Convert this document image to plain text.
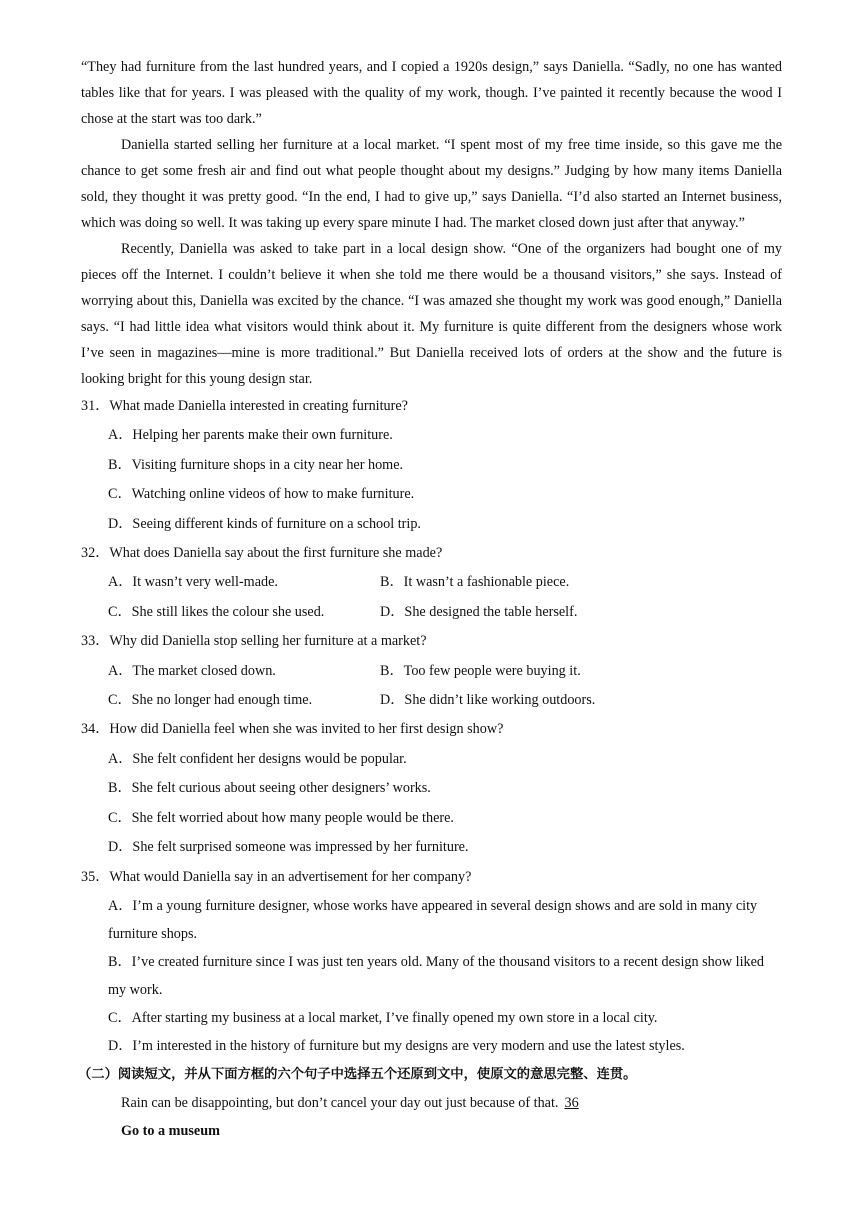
“They had furniture from the last hundred years, and I copied a 1920s design,” says Daniella. “Sadly, no one has wanted tables like that for years. I was pleased with the quality of my work, though. I’ve painted it recently because the wood I chose at the start was too dark.”

Daniella started selling her furniture at a local market. “I spent most of my free time inside, so this gave me the chance to get some fresh air and find out what people thought about my designs.” Judging by how many items Daniella sold, they thought it was pretty good. “In the end, I had to give up,” says Daniella. “I’d also started an Internet business, which was doing so well. It was taking up every spare minute I had. The market closed down just after that anyway.”

Recently, Daniella was asked to take part in a local design show. “One of the organizers had bought one of my pieces off the Internet. I couldn’t believe it when she told me there would be a thousand visitors,” she says. Instead of worrying about this, Daniella was excited by the chance. “I was amazed she thought my work was good enough,” Daniella says. “I had little idea what visitors would think about it. My furniture is quite different from the designers whose work I’ve seen in magazines—mine is more traditional.” But Daniella received lots of orders at the show and the future is looking bright for this young design star.

31．What made Daniella interested in creating furniture?

A．Helping her parents make their own furniture.

B．Visiting furniture shops in a city near her home.

C．Watching online videos of how to make furniture.

D．Seeing different kinds of furniture on a school trip.

32．What does Daniella say about the first furniture she made?

A．It wasn’t very well-made.	B．It wasn’t a fashionable piece.
C．She still likes the colour she used.	D．She designed the table herself.

33．Why did Daniella stop selling her furniture at a market?

A．The market closed down.	B．Too few people were buying it.
C．She no longer had enough time.	D．She didn’t like working outdoors.

34．How did Daniella feel when she was invited to her first design show?

A．She felt confident her designs would be popular.

B．She felt curious about seeing other designers’ works.

C．She felt worried about how many people would be there.

D．She felt surprised someone was impressed by her furniture.

35．What would Daniella say in an advertisement for her company?

A．I’m a young furniture designer, whose works have appeared in several design shows and are sold in many city furniture shops.

B．I’ve created furniture since I was just ten years old. Many of the thousand visitors to a recent design show liked my work.

C．After starting my business at a local market, I’ve finally opened my own store in a local city.

D．I’m interested in the history of furniture but my designs are very modern and use the latest styles.

（二）阅读短文，并从下面方框的六个句子中选择五个还原到文中，使原文的意思完整、连贯。

Rain can be disappointing, but don’t cancel your day out just because of that. 36

Go to a museum
